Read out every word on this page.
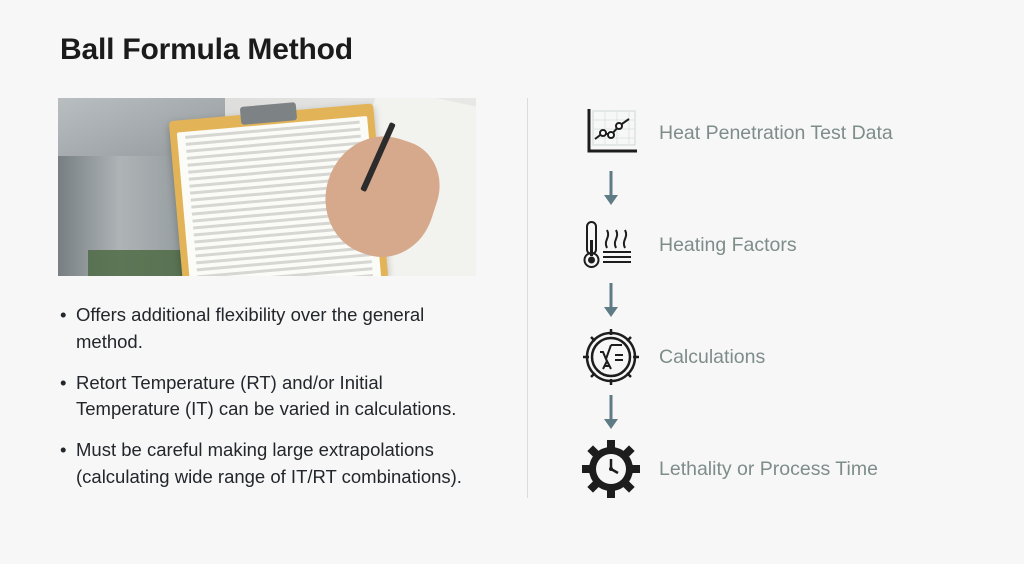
Ball Formula Method
• Offers additional flexibility over the general method.
• Retort Temperature (RT) and/or Initial Temperature (IT) can be varied in calculations.
• Must be careful making large extrapolations (calculating wide range of IT/RT combinations).
Heat Penetration Test Data
Heating Factors
Calculations
Lethality or Process Time
